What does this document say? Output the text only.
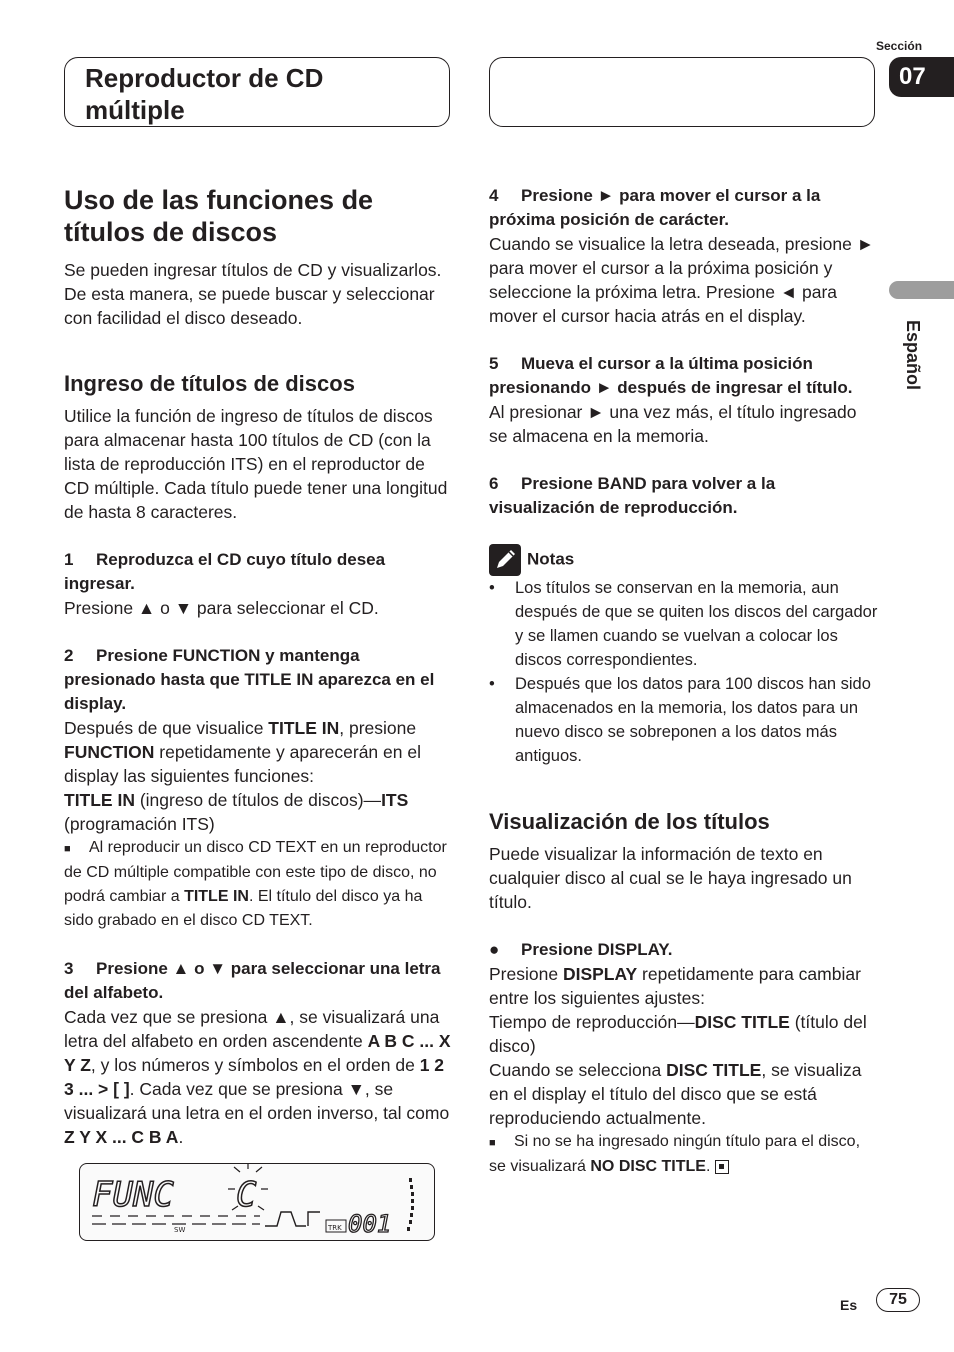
Reproductor de CD
múltiple
Sección
07
Español
Uso de las funciones de títulos de discos

Se pueden ingresar títulos de CD y visualizarlos. De esta manera, se puede buscar y seleccionar con facilidad el disco deseado.

Ingreso de títulos de discos

Utilice la función de ingreso de títulos de discos para almacenar hasta 100 títulos de CD (con la lista de reproducción ITS) en el reproductor de CD múltiple. Cada título puede tener una longitud de hasta 8 caracteres.

1 Reproduzca el CD cuyo título desea ingresar.

Presione ▲ o ▼ para seleccionar el CD.

2 Presione FUNCTION y mantenga presionado hasta que TITLE IN aparezca en el display.

Después de que visualice TITLE IN, presione FUNCTION repetidamente y aparecerán en el display las siguientes funciones:
TITLE IN (ingreso de títulos de discos)—ITS
(programación ITS)

■ Al reproducir un disco CD TEXT en un reproductor de CD múltiple compatible con este tipo de disco, no podrá cambiar a TITLE IN. El título del disco ya ha sido grabado en el disco CD TEXT.

3 Presione ▲ o ▼ para seleccionar una letra del alfabeto.

Cada vez que se presiona ▲, se visualizará una letra del alfabeto en orden ascendente A B C ... X Y Z, y los números y símbolos en el orden de 1 2 3 ... > [ ]. Cada vez que se presiona ▼, se visualizará una letra en el orden inverso, tal como Z Y X ... C B A.

FUNC C
SW	TRK 001

4 Presione ► para mover el cursor a la próxima posición de carácter.

Cuando se visualice la letra deseada, presione ► para mover el cursor a la próxima posición y seleccione la próxima letra. Presione ◄ para mover el cursor hacia atrás en el display.

5 Mueva el cursor a la última posición presionando ► después de ingresar el título.

Al presionar ► una vez más, el título ingresado se almacena en la memoria.

6 Presione BAND para volver a la visualización de reproducción.

Notas
•	Los títulos se conservan en la memoria, aun después de que se quiten los discos del cargador y se llamen cuando se vuelvan a colocar los discos correspondientes.
•	Después que los datos para 100 discos han sido almacenados en la memoria, los datos para un nuevo disco se sobreponen a los datos más antiguos.
Visualización de los títulos

Puede visualizar la información de texto en cualquier disco al cual se le haya ingresado un título.

● Presione DISPLAY.

Presione DISPLAY repetidamente para cambiar entre los siguientes ajustes:
Tiempo de reproducción—DISC TITLE (título del disco)
Cuando se selecciona DISC TITLE, se visualiza en el display el título del disco que se está reproduciendo actualmente.

■ Si no se ha ingresado ningún título para el disco, se visualizará NO DISC TITLE.

Es	75
